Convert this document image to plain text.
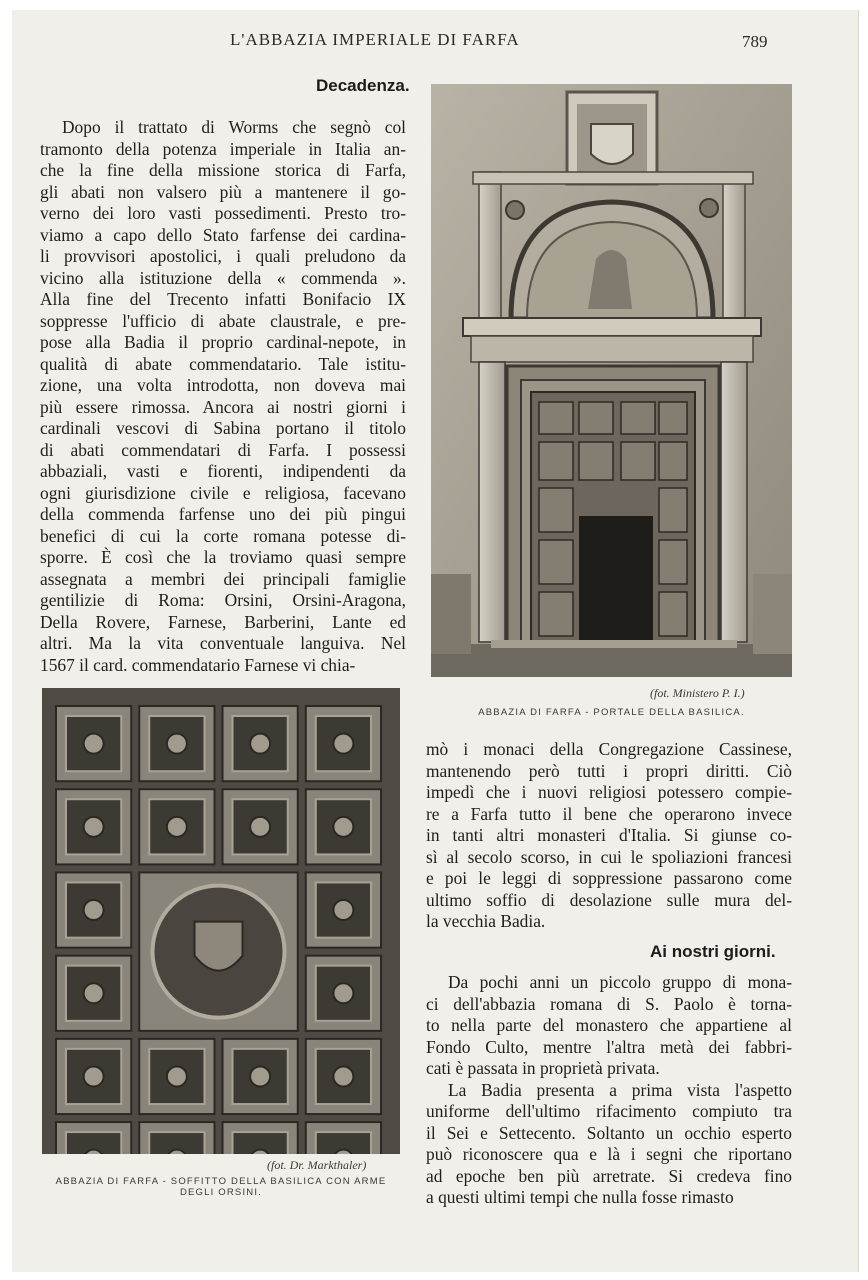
L'ABBAZIA IMPERIALE DI FARFA	789
Decadenza.
Dopo il trattato di Worms che segnò col
tramonto della potenza imperiale in Italia an-
che la fine della missione storica di Farfa,
gli abati non valsero più a mantenere il go-
verno dei loro vasti possedimenti. Presto tro-
viamo a capo dello Stato farfense dei cardina-
li provvisori apostolici, i quali preludono da
vicino alla istituzione della « commenda ».
Alla fine del Trecento infatti Bonifacio IX
soppresse l'ufficio di abate claustrale, e pre-
pose alla Badia il proprio cardinal-nepote, in
qualità di abate commendatario. Tale istitu-
zione, una volta introdotta, non doveva mai
più essere rimossa. Ancora ai nostri giorni i
cardinali vescovi di Sabina portano il titolo
di abati commendatari di Farfa. I possessi
abbaziali, vasti e fiorenti, indipendenti da
ogni giurisdizione civile e religiosa, facevano
della commenda farfense uno dei più pingui
benefici di cui la corte romana potesse di-
sporre. È così che la troviamo quasi sempre
assegnata a membri dei principali famiglie
gentilizie di Roma: Orsini, Orsini-Aragona,
Della Rovere, Farnese, Barberini, Lante ed
altri. Ma la vita conventuale languiva. Nel
1567 il card. commendatario Farnese vi chia-
(fot. Ministero P. I.)
ABBAZIA DI FARFA - PORTALE DELLA BASILICA.
(fot. Dr. Markthaler)
ABBAZIA DI FARFA - SOFFITTO DELLA BASILICA CON ARME
DEGLI ORSINI.
mò i monaci della Congregazione Cassinese,
mantenendo però tutti i propri diritti. Ciò
impedì che i nuovi religiosi potessero compie-
re a Farfa tutto il bene che operarono invece
in tanti altri monasteri d'Italia. Si giunse co-
sì al secolo scorso, in cui le spoliazioni francesi
e poi le leggi di soppressione passarono come
ultimo soffio di desolazione sulle mura del-
la vecchia Badia.
Ai nostri giorni.
Da pochi anni un piccolo gruppo di mona-
ci dell'abbazia romana di S. Paolo è torna-
to nella parte del monastero che appartiene al
Fondo Culto, mentre l'altra metà dei fabbri-
cati è passata in proprietà privata.
La Badia presenta a prima vista l'aspetto
uniforme dell'ultimo rifacimento compiuto tra
il Sei e Settecento. Soltanto un occhio esperto
può riconoscere qua e là i segni che riportano
ad epoche ben più arretrate. Si credeva fino
a questi ultimi tempi che nulla fosse rimasto
